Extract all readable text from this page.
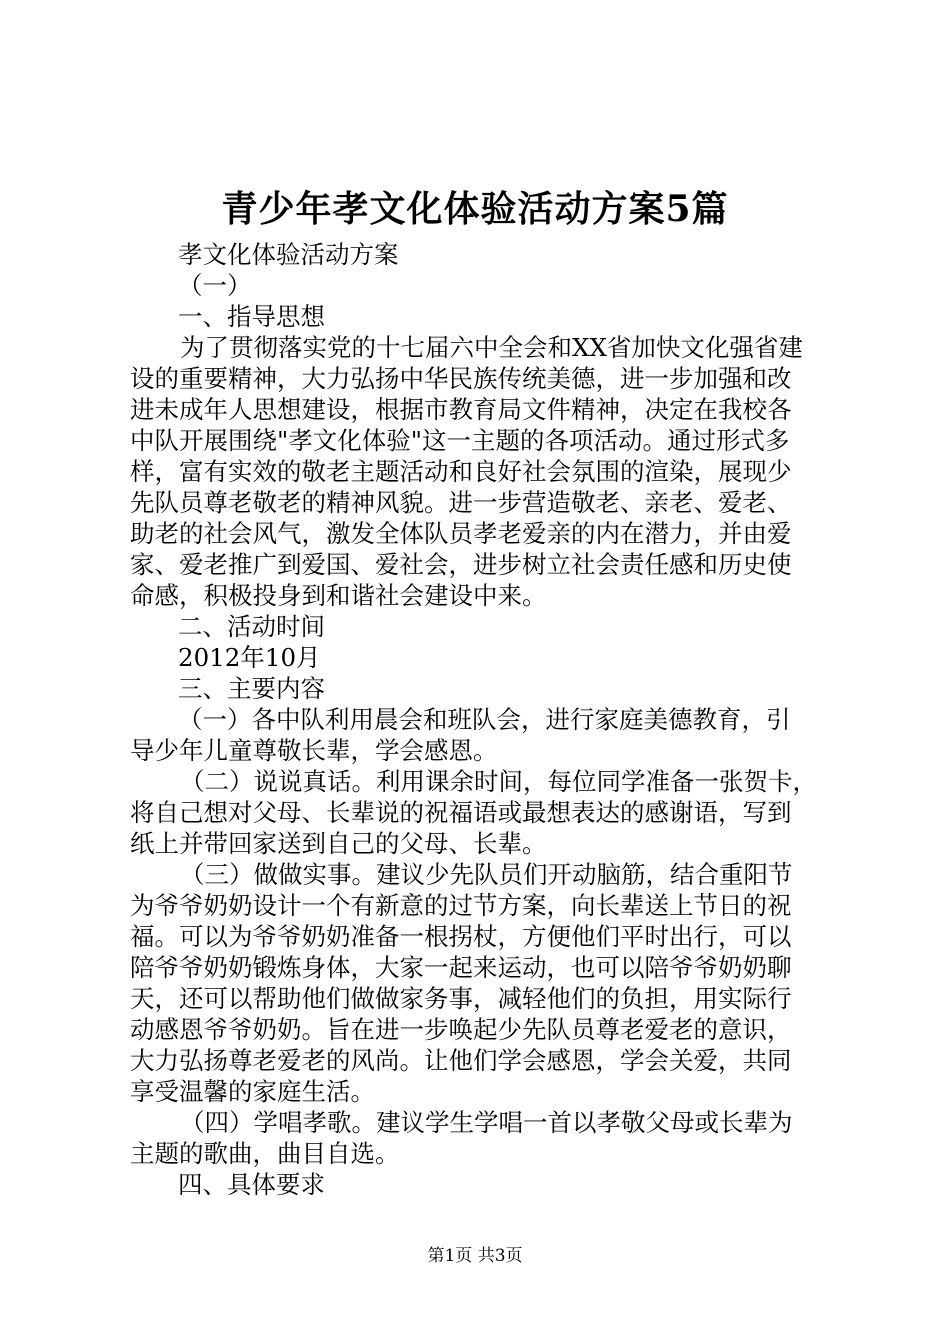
青少年孝文化体验活动方案5篇
孝文化体验活动方案
（一）
一、指导思想
为了贯彻落实党的十七届六中全会和XX省加快文化强省建
设的重要精神，大力弘扬中华民族传统美德，进一步加强和改
进未成年人思想建设，根据市教育局文件精神，决定在我校各
中队开展围绕"孝文化体验"这一主题的各项活动。通过形式多
样，富有实效的敬老主题活动和良好社会氛围的渲染，展现少
先队员尊老敬老的精神风貌。进一步营造敬老、亲老、爱老、
助老的社会风气，激发全体队员孝老爱亲的内在潜力，并由爱
家、爱老推广到爱国、爱社会，进步树立社会责任感和历史使
命感，积极投身到和谐社会建设中来。
二、活动时间
2012年10月
三、主要内容
（一）各中队利用晨会和班队会，进行家庭美德教育，引
导少年儿童尊敬长辈，学会感恩。
（二）说说真话。利用课余时间，每位同学准备一张贺卡，
将自己想对父母、长辈说的祝福语或最想表达的感谢语，写到
纸上并带回家送到自己的父母、长辈。
（三）做做实事。建议少先队员们开动脑筋，结合重阳节
为爷爷奶奶设计一个有新意的过节方案，向长辈送上节日的祝
福。可以为爷爷奶奶准备一根拐杖，方便他们平时出行，可以
陪爷爷奶奶锻炼身体，大家一起来运动，也可以陪爷爷奶奶聊
天，还可以帮助他们做做家务事，减轻他们的负担，用实际行
动感恩爷爷奶奶。旨在进一步唤起少先队员尊老爱老的意识，
大力弘扬尊老爱老的风尚。让他们学会感恩，学会关爱，共同
享受温馨的家庭生活。
（四）学唱孝歌。建议学生学唱一首以孝敬父母或长辈为
主题的歌曲，曲目自选。
四、具体要求
第1页 共3页
